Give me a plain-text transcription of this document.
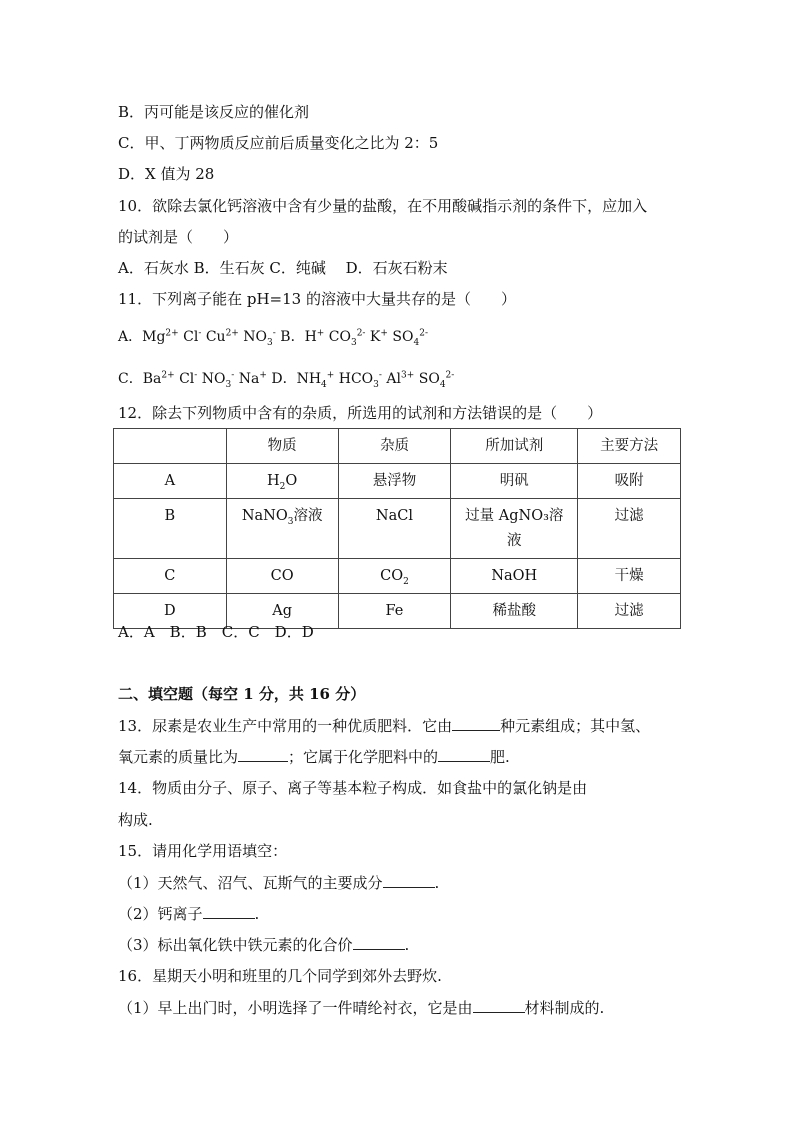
B．丙可能是该反应的催化剂
C．甲、丁两物质反应前后质量变化之比为 2：5
D．X 值为 28
10．欲除去氯化钙溶液中含有少量的盐酸，在不用酸碱指示剂的条件下，应加入
的试剂是（　　）
A．石灰水 B．生石灰 C．纯碱　 D．石灰石粉末
11．下列离子能在 pH=13 的溶液中大量共存的是（　　）
A．$Mg^{2+}$ Cl- $Cu^{2+}$ $NO_3^-$ B．H+ $CO_3^{2-}$ K+ $SO_4^{2-}$
C．$Ba^{2+}$ Cl- $NO_3^-$ Na+ D．$NH_4^+$ $HCO_3^-$ $Al^{3+}$ $SO_4^{2-}$
12．除去下列物质中含有的杂质，所选用的试剂和方法错误的是（　　）
	物质	杂质	所加试剂	主要方法
A	$H_2O$	悬浮物	明矾	吸附
B	NaNO$_3$溶液	NaCl	过量 AgNO₃溶液	过滤
C	CO	$CO_2$	NaOH	干燥
D	Ag	Fe	稀盐酸	过滤
A．A　B．B　C．C　D．D
二、填空题（每空 1 分，共 16 分）
13．尿素是农业生产中常用的一种优质肥料．它由	种元素组成；其中氢、
氧元素的质量比为	；它属于化学肥料中的	肥.
14．物质由分子、原子、离子等基本粒子构成．如食盐中的氯化钠是由
构成.
15．请用化学用语填空：
（1）天然气、沼气、瓦斯气的主要成分	.
（2）钙离子	.
（3）标出氧化铁中铁元素的化合价	.
16．星期天小明和班里的几个同学到郊外去野炊.
（1）早上出门时，小明选择了一件晴纶衬衣，它是由	材料制成的.
